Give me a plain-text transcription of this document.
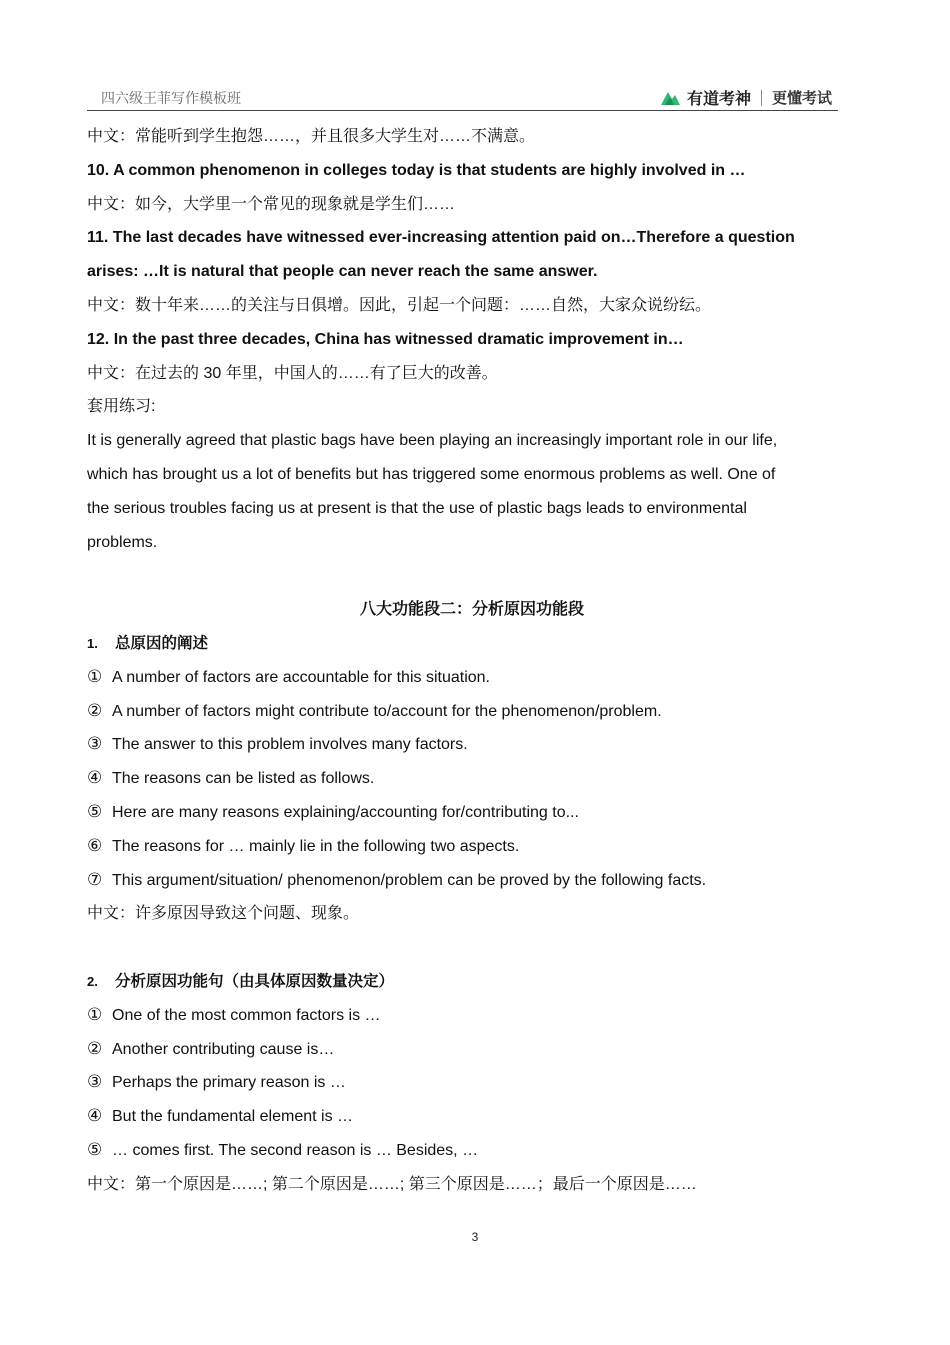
四六级王菲写作模板班	有道考神 更懂考试
中文：常能听到学生抱怨……，并且很多大学生对……不满意。
10. A common phenomenon in colleges today is that students are highly involved in …
中文：如今，大学里一个常见的现象就是学生们……
11. The last decades have witnessed ever-increasing attention paid on…Therefore a question
arises: …It is natural that people can never reach the same answer.
中文：数十年来……的关注与日俱增。因此，引起一个问题：……自然，大家众说纷纭。
12. In the past three decades, China has witnessed dramatic improvement in…
中文：在过去的 30 年里，中国人的……有了巨大的改善。
套用练习:
It is generally agreed that plastic bags have been playing an increasingly important role in our life,
which has brought us a lot of benefits but has triggered some enormous problems as well. One of
the serious troubles facing us at present is that the use of plastic bags leads to environmental
problems.
八大功能段二：分析原因功能段
1. 总原因的阐述
① A number of factors are accountable for this situation.
② A number of factors might contribute to/account for the phenomenon/problem.
③ The answer to this problem involves many factors.
④ The reasons can be listed as follows.
⑤ Here are many reasons explaining/accounting for/contributing to...
⑥ The reasons for … mainly lie in the following two aspects.
⑦ This argument/situation/ phenomenon/problem can be proved by the following facts.
中文：许多原因导致这个问题、现象。
2. 分析原因功能句（由具体原因数量决定）
① One of the most common factors is …
② Another contributing cause is…
③ Perhaps the primary reason is …
④ But the fundamental element is …
⑤ … comes first. The second reason is … Besides, …
中文：第一个原因是……; 第二个原因是……; 第三个原因是……；最后一个原因是……
3
